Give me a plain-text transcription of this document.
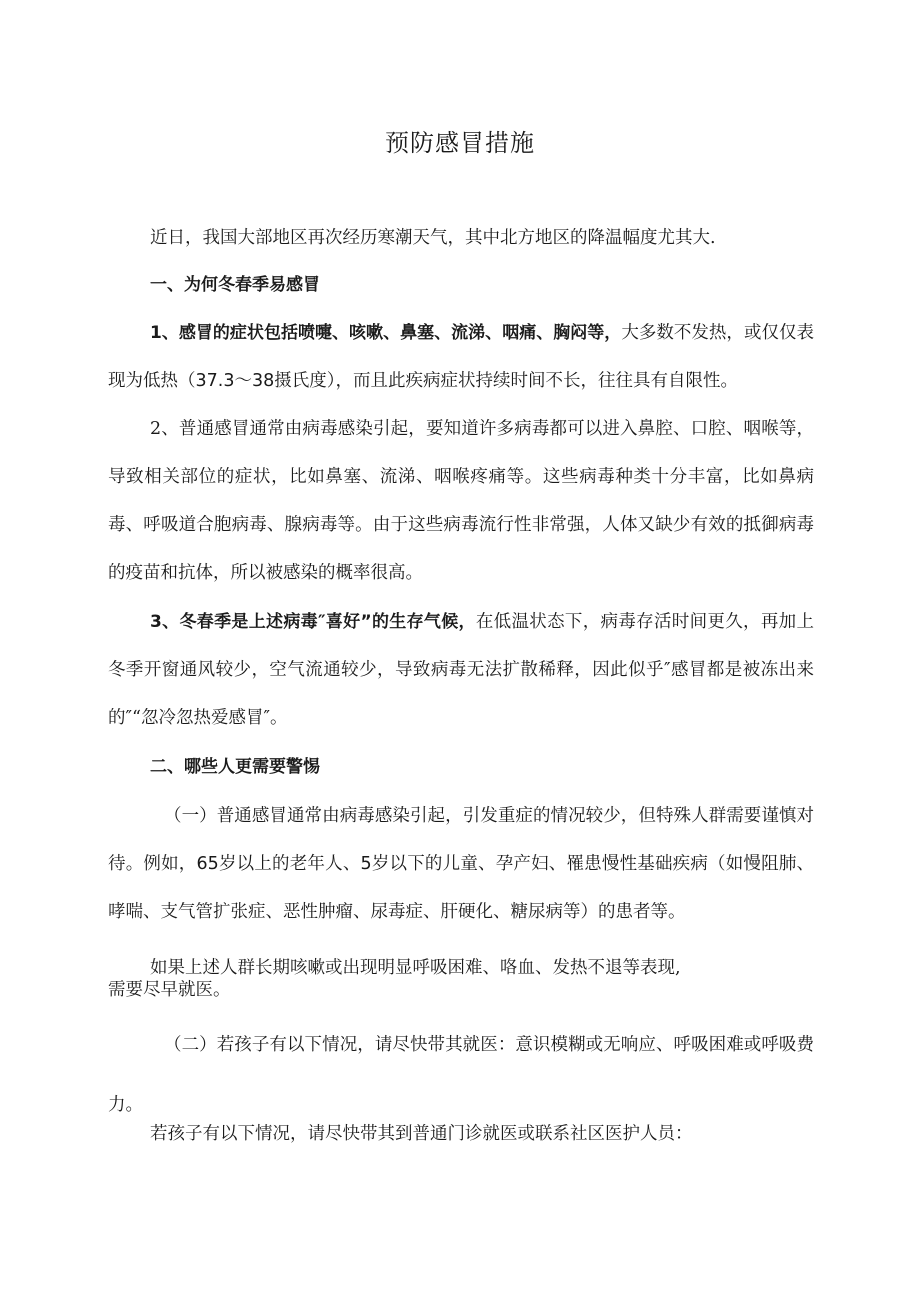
预防感冒措施
近日，我国大部地区再次经历寒潮天气，其中北方地区的降温幅度尤其大.
一、为何冬春季易感冒
1、感冒的症状包括喷嚏、咳嗽、鼻塞、流涕、咽痛、胸闷等，大多数不发热，或仅仅表现为低热（37.3〜38摄氏度），而且此疾病症状持续时间不长，往往具有自限性。
2、普通感冒通常由病毒感染引起，要知道许多病毒都可以进入鼻腔、口腔、咽喉等，导致相关部位的症状，比如鼻塞、流涕、咽喉疼痛等。这些病毒种类十分丰富，比如鼻病毒、呼吸道合胞病毒、腺病毒等。由于这些病毒流行性非常强，人体又缺少有效的抵御病毒的疫苗和抗体，所以被感染的概率很高。
3、冬春季是上述病毒″喜好”的生存气候，在低温状态下，病毒存活时间更久，再加上冬季开窗通风较少，空气流通较少，导致病毒无法扩散稀释，因此似乎″感冒都是被冻出来的″“忽冷忽热爱感冒″。
二、哪些人更需要警惕
（一）普通感冒通常由病毒感染引起，引发重症的情况较少，但特殊人群需要谨慎对待。例如，65岁以上的老年人、5岁以下的儿童、孕产妇、罹患慢性基础疾病（如慢阻肺、哮喘、支气管扩张症、恶性肿瘤、尿毒症、肝硬化、糖尿病等）的患者等。
如果上述人群长期咳嗽或出现明显呼吸困难、咯血、发热不退等表现,
需要尽早就医。
（二）若孩子有以下情况，请尽快带其就医：意识模糊或无响应、呼吸困难或呼吸费力。
若孩子有以下情况，请尽快带其到普通门诊就医或联系社区医护人员：
